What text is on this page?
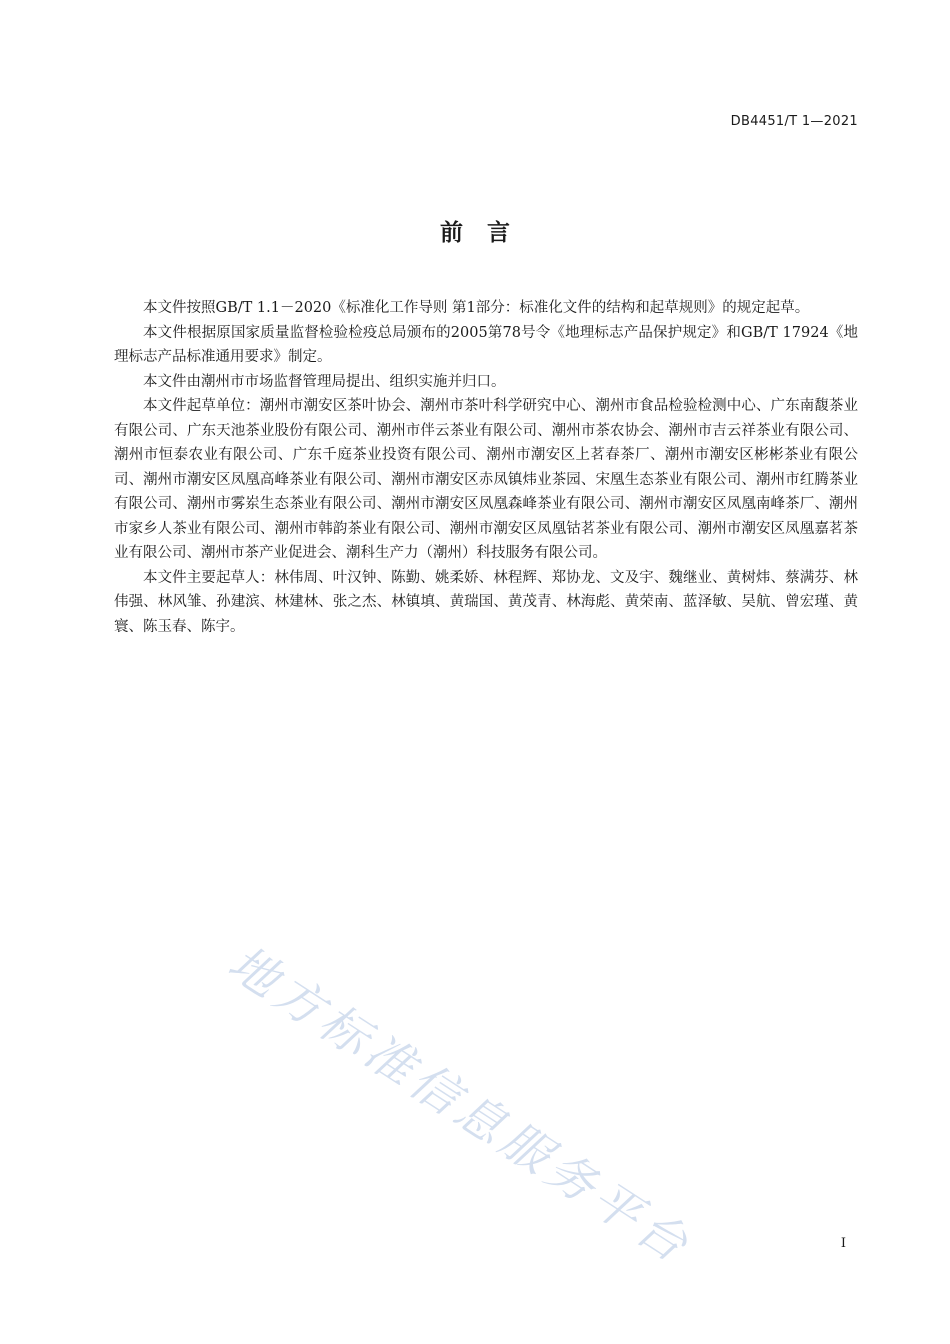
DB4451/T 1—2021
前言

本文件按照GB/T 1.1－2020《标准化工作导则 第1部分：标准化文件的结构和起草规则》的规定起草。

本文件根据原国家质量监督检验检疫总局颁布的2005第78号令《地理标志产品保护规定》和GB/T 17924《地理标志产品标准通用要求》制定。

本文件由潮州市市场监督管理局提出、组织实施并归口。

本文件起草单位：潮州市潮安区茶叶协会、潮州市茶叶科学研究中心、潮州市食品检验检测中心、广东南馥茶业有限公司、广东天池茶业股份有限公司、潮州市伴云茶业有限公司、潮州市茶农协会、潮州市吉云祥茶业有限公司、潮州市恒泰农业有限公司、广东千庭茶业投资有限公司、潮州市潮安区上茗春茶厂、潮州市潮安区彬彬茶业有限公司、潮州市潮安区凤凰高峰茶业有限公司、潮州市潮安区赤凤镇炜业茶园、宋凰生态茶业有限公司、潮州市红腾茶业有限公司、潮州市雾岽生态茶业有限公司、潮州市潮安区凤凰森峰茶业有限公司、潮州市潮安区凤凰南峰茶厂、潮州市家乡人茶业有限公司、潮州市韩韵茶业有限公司、潮州市潮安区凤凰钴茗茶业有限公司、潮州市潮安区凤凰嘉茗茶业有限公司、潮州市茶产业促进会、潮科生产力（潮州）科技服务有限公司。

本文件主要起草人：林伟周、叶汉钟、陈勤、姚柔娇、林程辉、郑协龙、文及宇、魏继业、黄树炜、蔡满芬、林伟强、林风雏、孙建滨、林建林、张之杰、林镇填、黄瑞国、黄茂青、林海彪、黄荣南、蓝泽敏、吴航、曾宏瑾、黄寰、陈玉春、陈宇。

地方标准信息服务平台	I
